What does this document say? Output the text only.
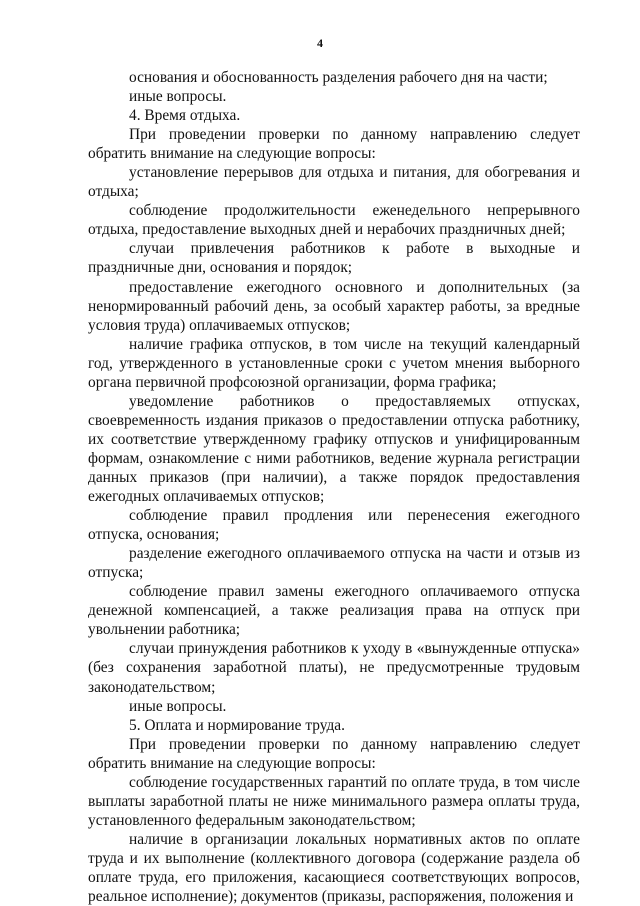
4

основания и обоснованность разделения рабочего дня на части;

иные вопросы.

4. Время отдыха.

При проведении проверки по данному направлению следует обратить внимание на следующие вопросы:

установление перерывов для отдыха и питания, для обогревания и отдыха;

соблюдение продолжительности еженедельного непрерывного отдыха, предоставление выходных дней и нерабочих праздничных дней;

случаи привлечения работников к работе в выходные и праздничные дни, основания и порядок;

предоставление ежегодного основного и дополнительных (за ненормированный рабочий день, за особый характер работы, за вредные условия труда) оплачиваемых отпусков;

наличие графика отпусков, в том числе на текущий календарный год, утвержденного в установленные сроки с учетом мнения выборного органа первичной профсоюзной организации, форма графика;

уведомление работников о предоставляемых отпусках, своевременность издания приказов о предоставлении отпуска работнику, их соответствие утвержденному графику отпусков и унифицированным формам, ознакомление с ними работников, ведение журнала регистрации данных приказов (при наличии), а также порядок предоставления ежегодных оплачиваемых отпусков;

соблюдение правил продления или перенесения ежегодного отпуска, основания;

разделение ежегодного оплачиваемого отпуска на части и отзыв из отпуска;

соблюдение правил замены ежегодного оплачиваемого отпуска денежной компенсацией, а также реализация права на отпуск при увольнении работника;

случаи принуждения работников к уходу в «вынужденные отпуска» (без сохранения заработной платы), не предусмотренные трудовым законодательством;

иные вопросы.

5. Оплата и нормирование труда.

При проведении проверки по данному направлению следует обратить внимание на следующие вопросы:

соблюдение государственных гарантий по оплате труда, в том числе выплаты заработной платы не ниже минимального размера оплаты труда, установленного федеральным законодательством;

наличие в организации локальных нормативных актов по оплате труда и их выполнение (коллективного договора (содержание раздела об оплате труда, его приложения, касающиеся соответствующих вопросов, реальное исполнение); документов (приказы, распоряжения, положения и
